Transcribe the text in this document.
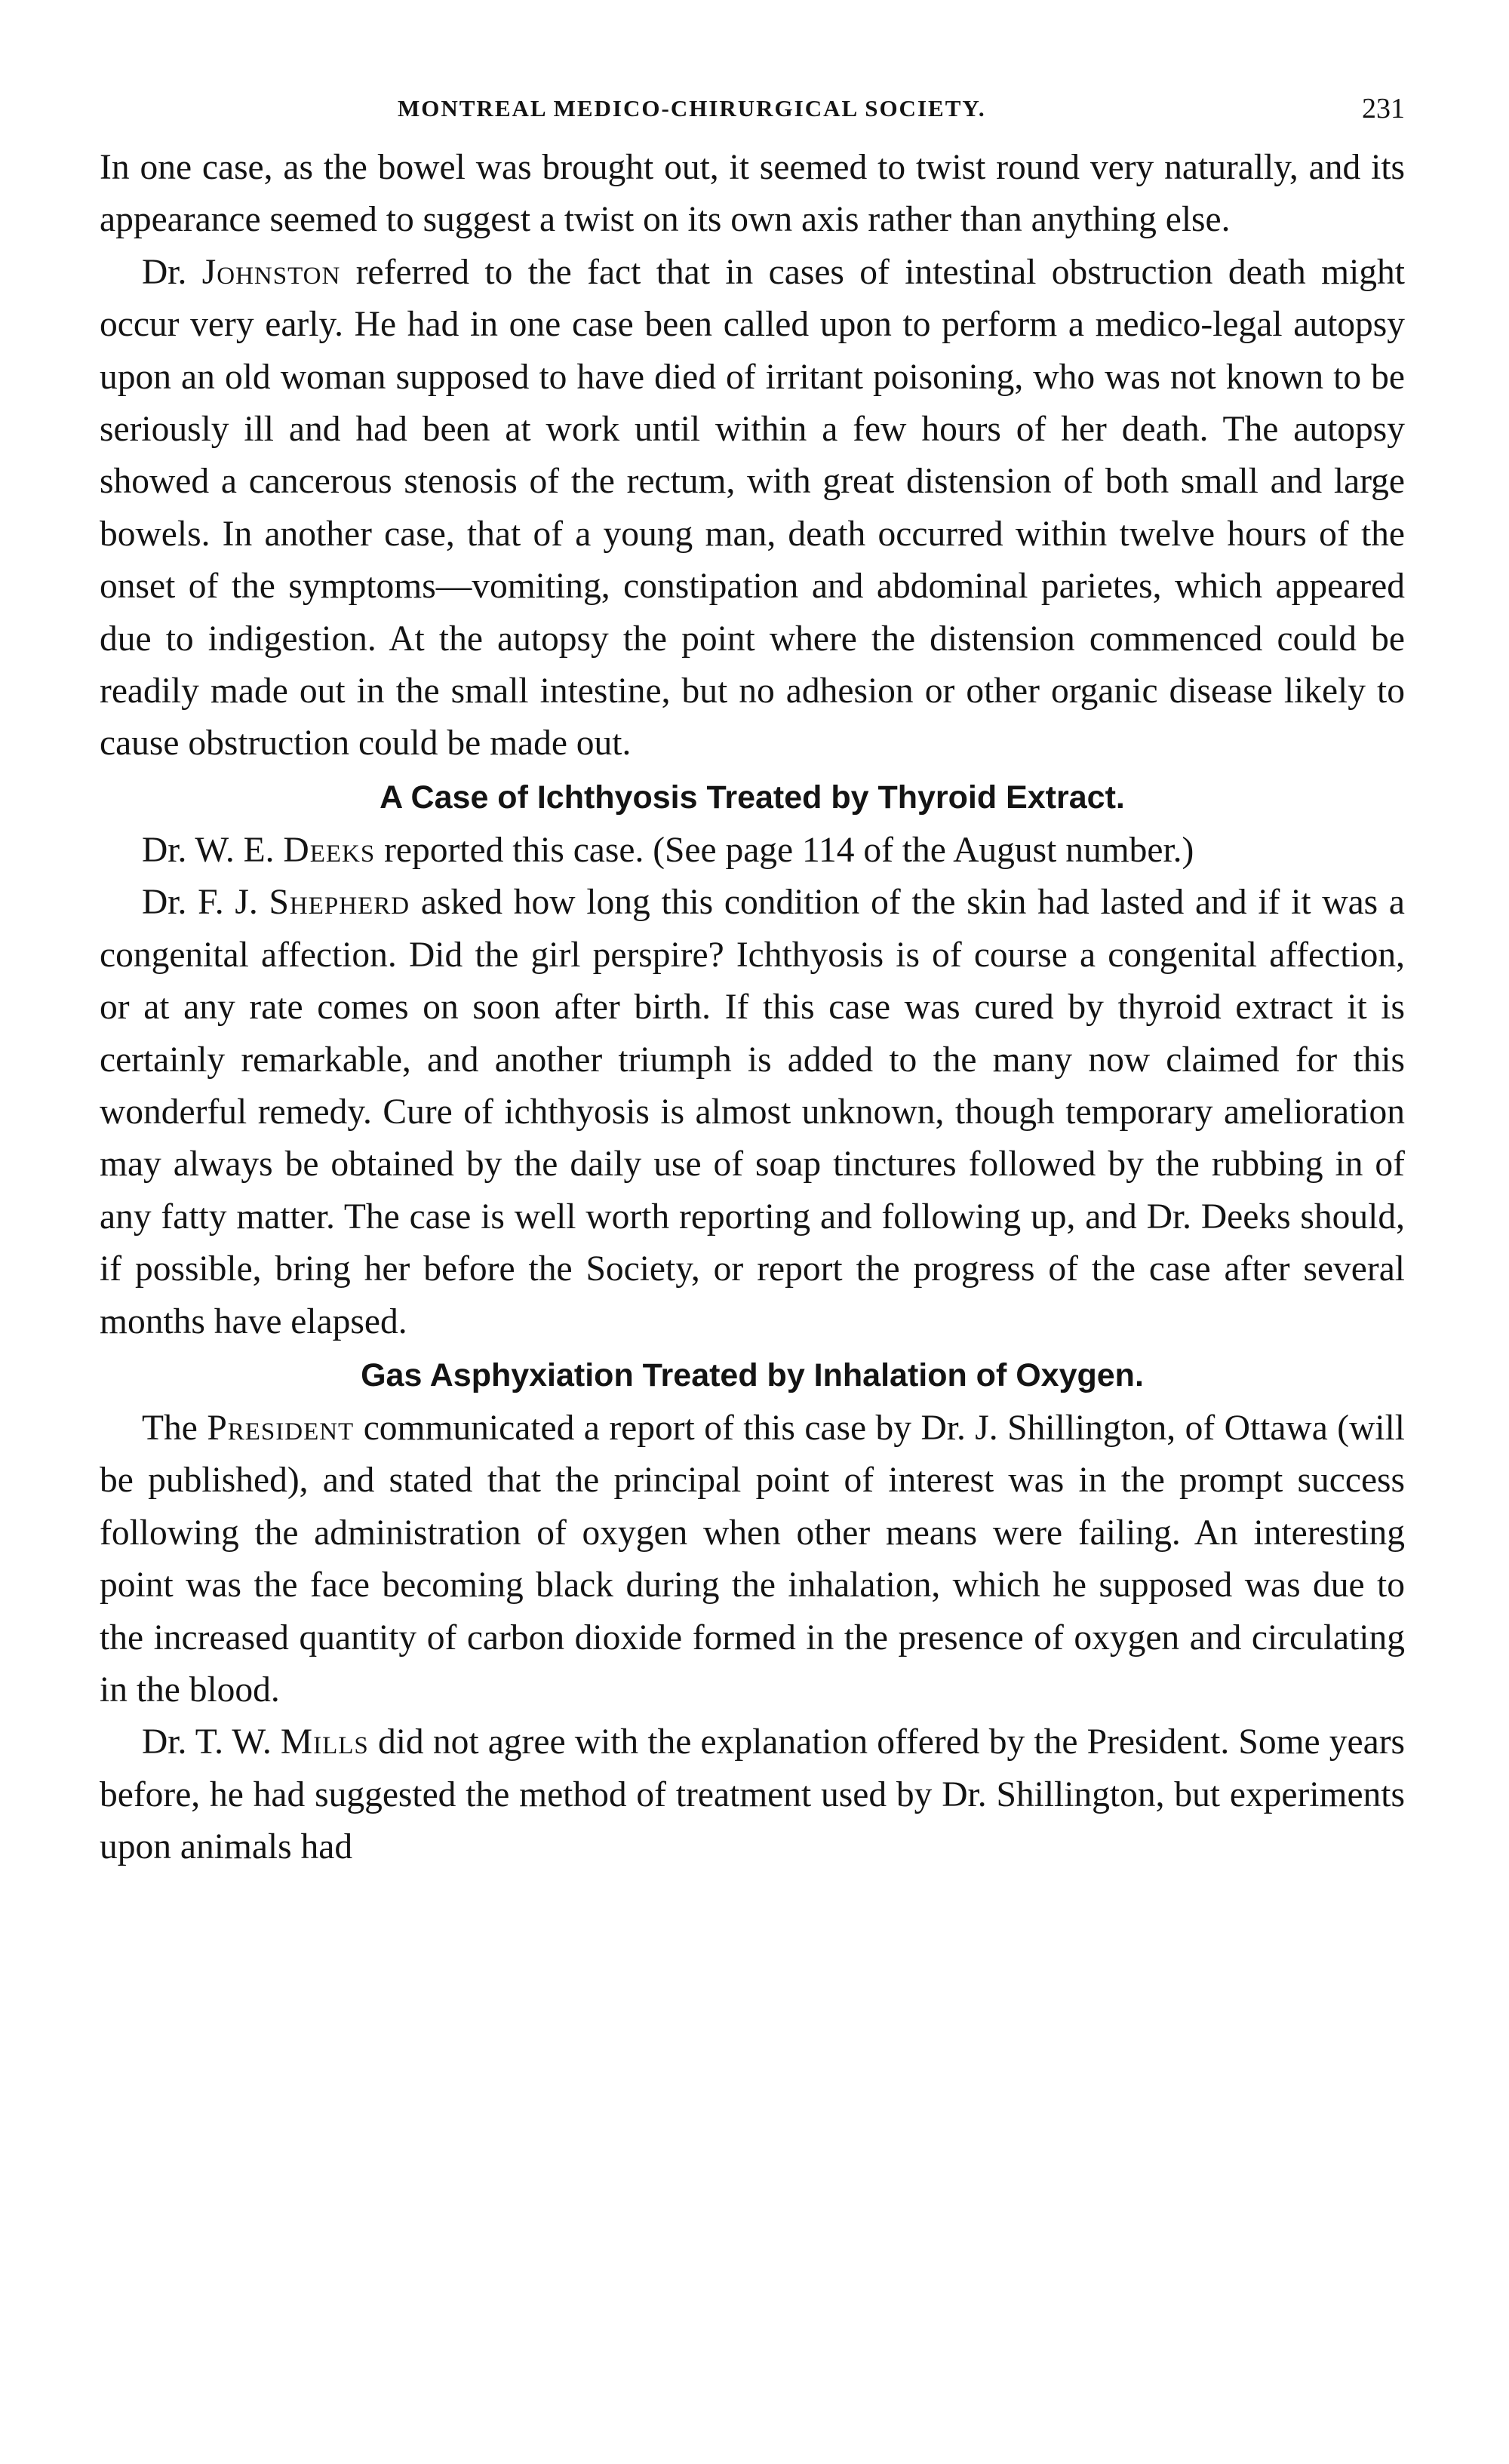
MONTREAL MEDICO-CHIRURGICAL SOCIETY.	231

In one case, as the bowel was brought out, it seemed to twist round very naturally, and its appearance seemed to suggest a twist on its own axis rather than anything else.

Dr. Johnston referred to the fact that in cases of intestinal obstruction death might occur very early. He had in one case been called upon to perform a medico-legal autopsy upon an old woman supposed to have died of irritant poisoning, who was not known to be seriously ill and had been at work until within a few hours of her death. The autopsy showed a cancerous stenosis of the rectum, with great distension of both small and large bowels. In another case, that of a young man, death occurred within twelve hours of the onset of the symptoms—vomiting, constipation and abdominal parietes, which appeared due to indigestion. At the autopsy the point where the distension commenced could be readily made out in the small intestine, but no adhesion or other organic disease likely to cause obstruction could be made out.

A Case of Ichthyosis Treated by Thyroid Extract.

Dr. W. E. Deeks reported this case. (See page 114 of the August number.)

Dr. F. J. Shepherd asked how long this condition of the skin had lasted and if it was a congenital affection. Did the girl perspire? Ichthyosis is of course a congenital affection, or at any rate comes on soon after birth. If this case was cured by thyroid extract it is certainly remarkable, and another triumph is added to the many now claimed for this wonderful remedy. Cure of ichthyosis is almost unknown, though temporary amelioration may always be obtained by the daily use of soap tinctures followed by the rubbing in of any fatty matter. The case is well worth reporting and following up, and Dr. Deeks should, if possible, bring her before the Society, or report the progress of the case after several months have elapsed.

Gas Asphyxiation Treated by Inhalation of Oxygen.

The President communicated a report of this case by Dr. J. Shillington, of Ottawa (will be published), and stated that the principal point of interest was in the prompt success following the administration of oxygen when other means were failing. An interesting point was the face becoming black during the inhalation, which he supposed was due to the increased quantity of carbon dioxide formed in the presence of oxygen and circulating in the blood.

Dr. T. W. Mills did not agree with the explanation offered by the President. Some years before, he had suggested the method of treatment used by Dr. Shillington, but experiments upon animals had
